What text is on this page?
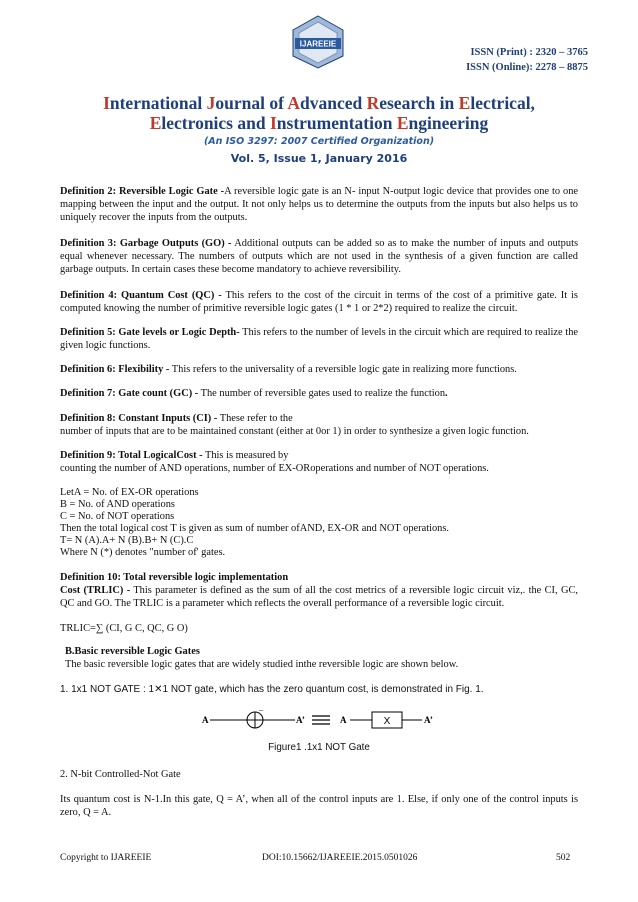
ISSN (Print) : 2320 – 3765
ISSN (Online): 2278 – 8875
IJAREEIE
International Journal of Advanced Research in Electrical,
Electronics and Instrumentation Engineering
(An ISO 3297: 2007 Certified Organization)
Vol. 5, Issue 1, January 2016
Definition 2: Reversible Logic Gate -A reversible logic gate is an N- input N-output logic device that provides one to one mapping between the input and the output. It not only helps us to determine the outputs from the inputs but also helps us to uniquely recover the inputs from the outputs.
Definition 3: Garbage Outputs (GO) - Additional outputs can be added so as to make the number of inputs and outputs equal whenever necessary. The numbers of outputs which are not used in the synthesis of a given function are called garbage outputs. In certain cases these become mandatory to achieve reversibility.
Definition 4: Quantum Cost (QC) - This refers to the cost of the circuit in terms of the cost of a primitive gate. It is computed knowing the number of primitive reversible logic gates (1 * 1 or 2*2) required to realize the circuit.
Definition 5: Gate levels or Logic Depth- This refers to the number of levels in the circuit which are required to realize the given logic functions.
Definition 6: Flexibility - This refers to the universality of a reversible logic gate in realizing more functions.
Definition 7: Gate count (GC) - The number of reversible gates used to realize the function.
Definition 8: Constant Inputs (CI) - These refer to the
number of inputs that are to be maintained constant (either at 0or 1) in order to synthesize a given logic function.
Definition 9: Total LogicalCost - This is measured by
counting the number of AND operations, number of EX-ORoperations and number of NOT operations.
LetA = No. of EX-OR operations
B = No. of AND operations
C = No. of NOT operations
Then the total logical cost T is given as sum of number ofAND, EX-OR and NOT operations.
T= N (A).A+ N (B).B+ N (C).C
Where N (*) denotes "number of' gates.
Definition 10: Total reversible logic implementation
Cost (TRLIC) - This parameter is defined as the sum of all the cost metrics of a reversible logic circuit viz,. the CI, GC, QC and GO. The TRLIC is a parameter which reflects the overall performance of a reversible logic circuit.
TRLIC=∑ (CI, G C, QC, G O)
B.Basic reversible Logic Gates
The basic reversible logic gates that are widely studied inthe reversible logic are shown below.
1. 1x1 NOT GATE : 1✕1 NOT gate, which has the zero quantum cost, is demonstrated in Fig. 1.
A
_
A’	A	X	A’
Figure1 .1x1 NOT Gate
2. N-bit Controlled-Not Gate
Its quantum cost is N-1.In this gate, Q = A’, when all of the control inputs are 1. Else, if only one of the control inputs is zero, Q = A.
Copyright to IJAREEIE	DOI:10.15662/IJAREEIE.2015.0501026	502
